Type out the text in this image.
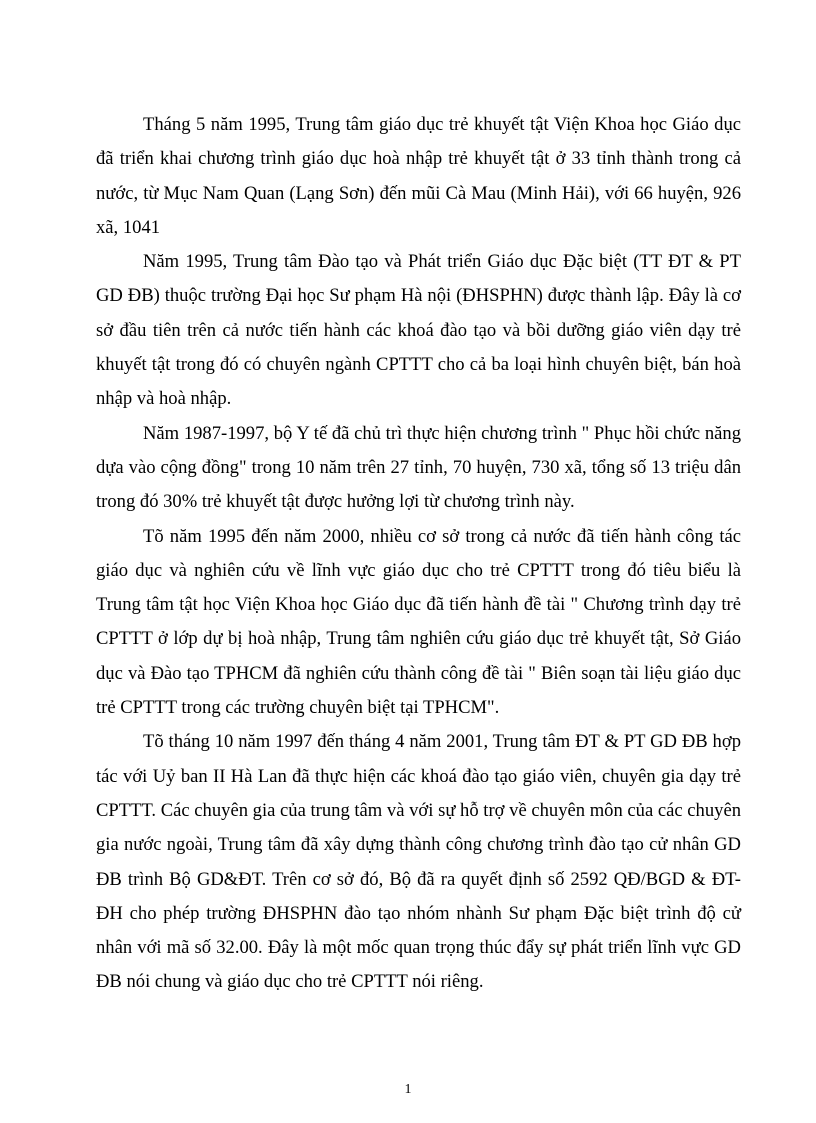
Tháng 5 năm 1995, Trung tâm giáo dục trẻ khuyết tật Viện Khoa học Giáo dục đã triển khai chương trình giáo dục hoà nhập trẻ khuyết tật ở 33 tỉnh thành trong cả nước, từ Mục Nam Quan (Lạng Sơn) đến mũi Cà Mau (Minh Hải), với 66 huyện, 926 xã, 1041

Năm 1995, Trung tâm Đào tạo và Phát triển Giáo dục Đặc biệt (TT ĐT & PT GD ĐB) thuộc trường Đại học Sư phạm Hà nội (ĐHSPHN) được thành lập. Đây là cơ sở đầu tiên trên cả nước tiến hành các khoá đào tạo và bồi dưỡng giáo viên dạy trẻ khuyết tật trong đó có chuyên ngành CPTTT cho cả ba loại hình chuyên biệt, bán hoà nhập và hoà nhập.

Năm 1987-1997, bộ Y tế đã chủ trì thực hiện chương trình " Phục hồi chức năng dựa vào cộng đồng" trong 10 năm trên 27 tỉnh, 70 huyện, 730 xã, tổng số 13 triệu dân trong đó 30% trẻ khuyết tật được hưởng lợi từ chương trình này.

Tõ năm 1995 đến năm 2000, nhiều cơ sở trong cả nước đã tiến hành công tác giáo dục và nghiên cứu về lĩnh vực giáo dục cho trẻ CPTTT trong đó tiêu biểu là Trung tâm tật học Viện Khoa học Giáo dục đã tiến hành đề tài " Chương trình dạy trẻ CPTTT ở lớp dự bị hoà nhập, Trung tâm nghiên cứu giáo dục trẻ khuyết tật, Sở Giáo dục và Đào tạo TPHCM đã nghiên cứu thành công đề tài " Biên soạn tài liệu giáo dục trẻ CPTTT trong các trường chuyên biệt tại TPHCM".

Tõ tháng 10 năm 1997 đến tháng 4 năm 2001, Trung tâm ĐT & PT GD ĐB hợp tác với Uỷ ban II Hà Lan đã thực hiện các khoá đào tạo giáo viên, chuyên gia dạy trẻ CPTTT. Các chuyên gia của trung tâm và với sự hỗ trợ về chuyên môn của các chuyên gia nước ngoài, Trung tâm đã xây dựng thành công chương trình đào tạo cử nhân GD ĐB trình Bộ GD&ĐT. Trên cơ sở đó, Bộ đã ra quyết định số 2592 QĐ/BGD & ĐT-ĐH cho phép trường ĐHSPHN đào tạo nhóm nhành Sư phạm Đặc biệt trình độ cử nhân với mã số 32.00. Đây là một mốc quan trọng thúc đẩy sự phát triển lĩnh vực GD ĐB nói chung và giáo dục cho trẻ CPTTT nói riêng.

1
